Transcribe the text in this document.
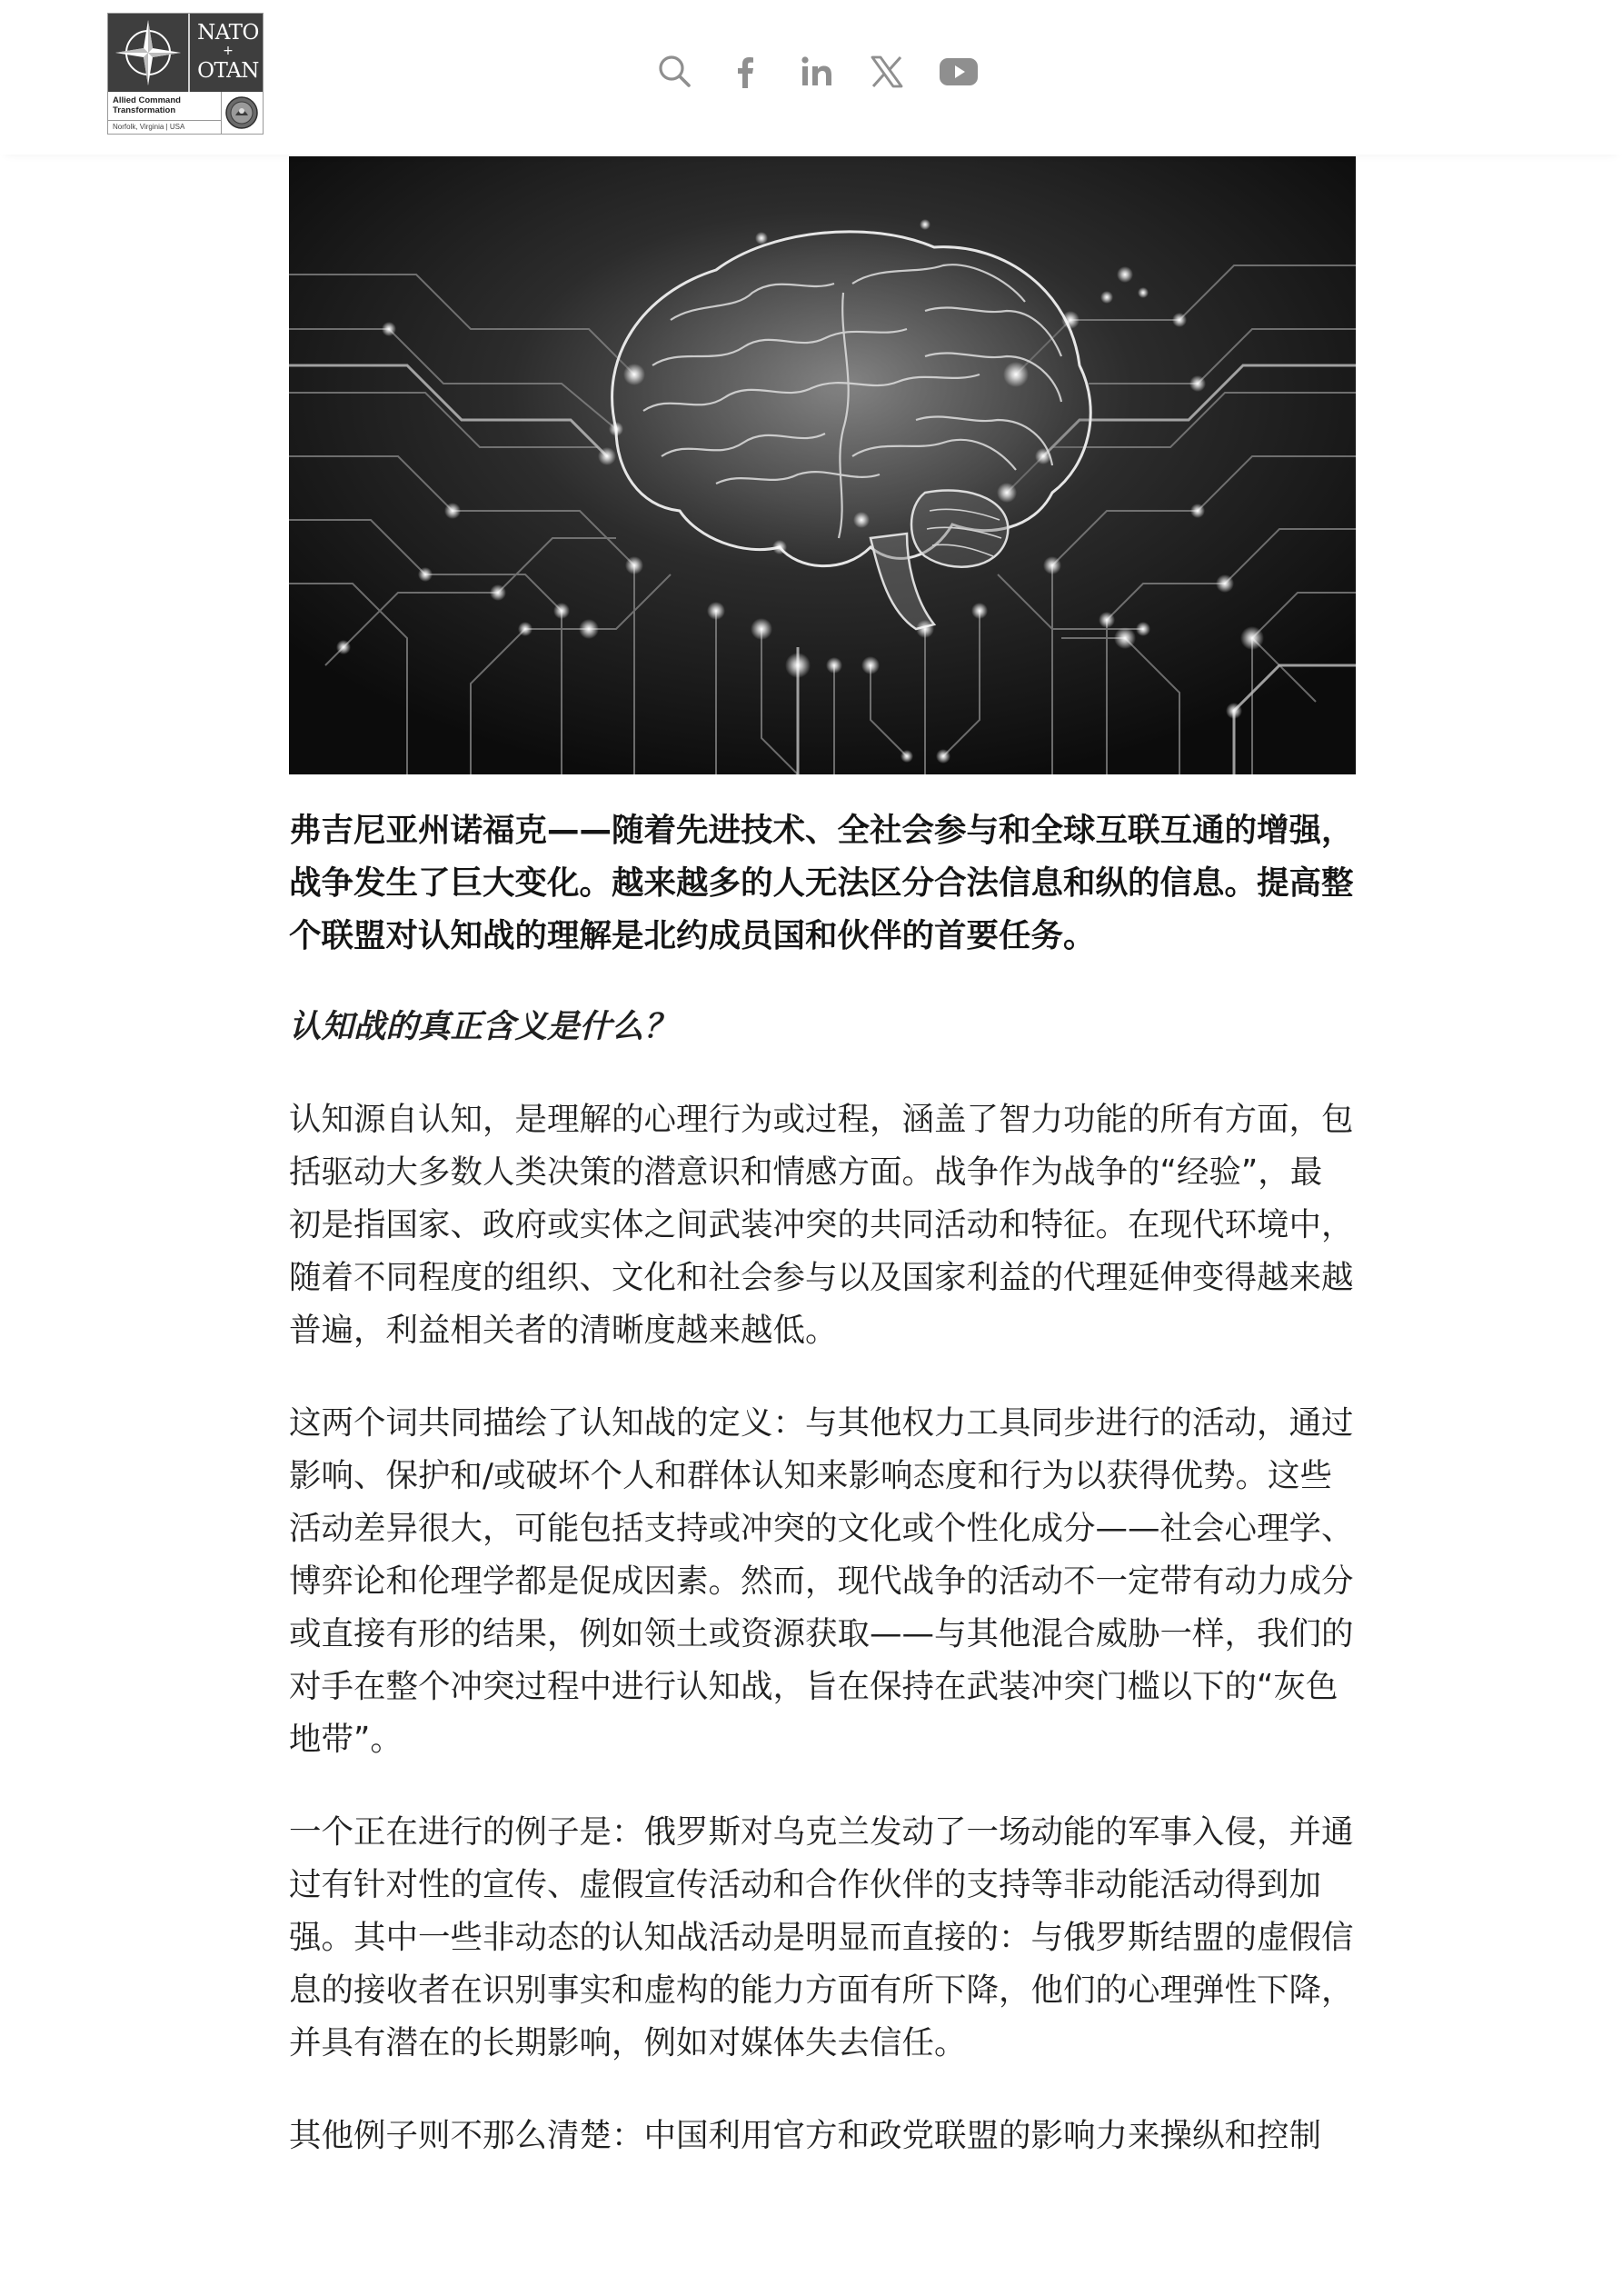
NATO
+
OTAN
Allied Command
Transformation
Norfolk, Virginia | USA

弗吉尼亚州诺福克——随着先进技术、全社会参与和全球互联互通的增强，战争发生了巨大变化。越来越多的人无法区分合法信息和纵的信息。提高整个联盟对认知战的理解是北约成员国和伙伴的首要任务。

认知战的真正含义是什么？

认知源自认知，是理解的心理行为或过程，涵盖了智力功能的所有方面，包括驱动大多数人类决策的潜意识和情感方面。战争作为战争的“经验”，最初是指国家、政府或实体之间武装冲突的共同活动和特征。在现代环境中，随着不同程度的组织、文化和社会参与以及国家利益的代理延伸变得越来越普遍，利益相关者的清晰度越来越低。

这两个词共同描绘了认知战的定义：与其他权力工具同步进行的活动，通过影响、保护和/或破坏个人和群体认知来影响态度和行为以获得优势。这些活动差异很大，可能包括支持或冲突的文化或个性化成分——社会心理学、博弈论和伦理学都是促成因素。然而，现代战争的活动不一定带有动力成分或直接有形的结果，例如领土或资源获取——与其他混合威胁一样，我们的对手在整个冲突过程中进行认知战，旨在保持在武装冲突门槛以下的“灰色地带”。

一个正在进行的例子是：俄罗斯对乌克兰发动了一场动能的军事入侵，并通过有针对性的宣传、虚假宣传活动和合作伙伴的支持等非动能活动得到加强。其中一些非动态的认知战活动是明显而直接的：与俄罗斯结盟的虚假信息的接收者在识别事实和虚构的能力方面有所下降，他们的心理弹性下降，并具有潜在的长期影响，例如对媒体失去信任。

其他例子则不那么清楚：中国利用官方和政党联盟的影响力来操纵和控制
